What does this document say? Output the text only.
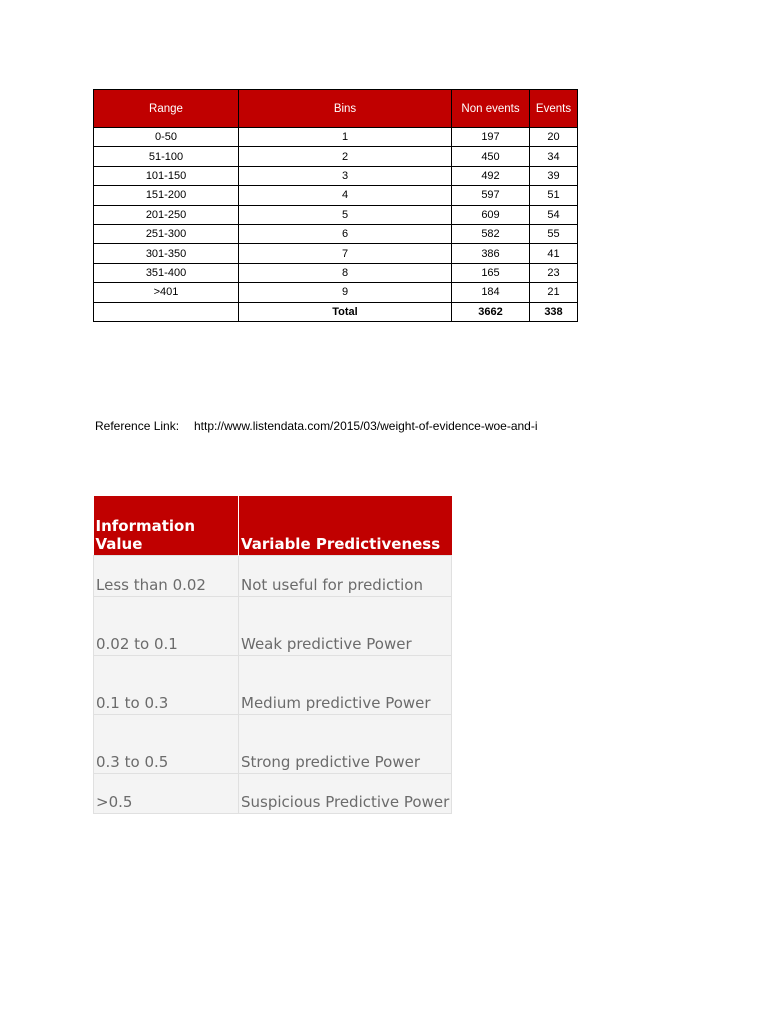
Range	Bins	Non events	Events
0-50	1	197	20
51-100	2	450	34
101-150	3	492	39
151-200	4	597	51
201-250	5	609	54
251-300	6	582	55
301-350	7	386	41
351-400	8	165	23
>401	9	184	21
	Total	3662	338
Reference Link: http://www.listendata.com/2015/03/weight-of-evidence-woe-and-i
Information
Value	Variable Predictiveness
Less than 0.02	Not useful for prediction
0.02 to 0.1	Weak predictive Power
0.1 to 0.3	Medium predictive Power
0.3 to 0.5	Strong predictive Power
>0.5	Suspicious Predictive Power
